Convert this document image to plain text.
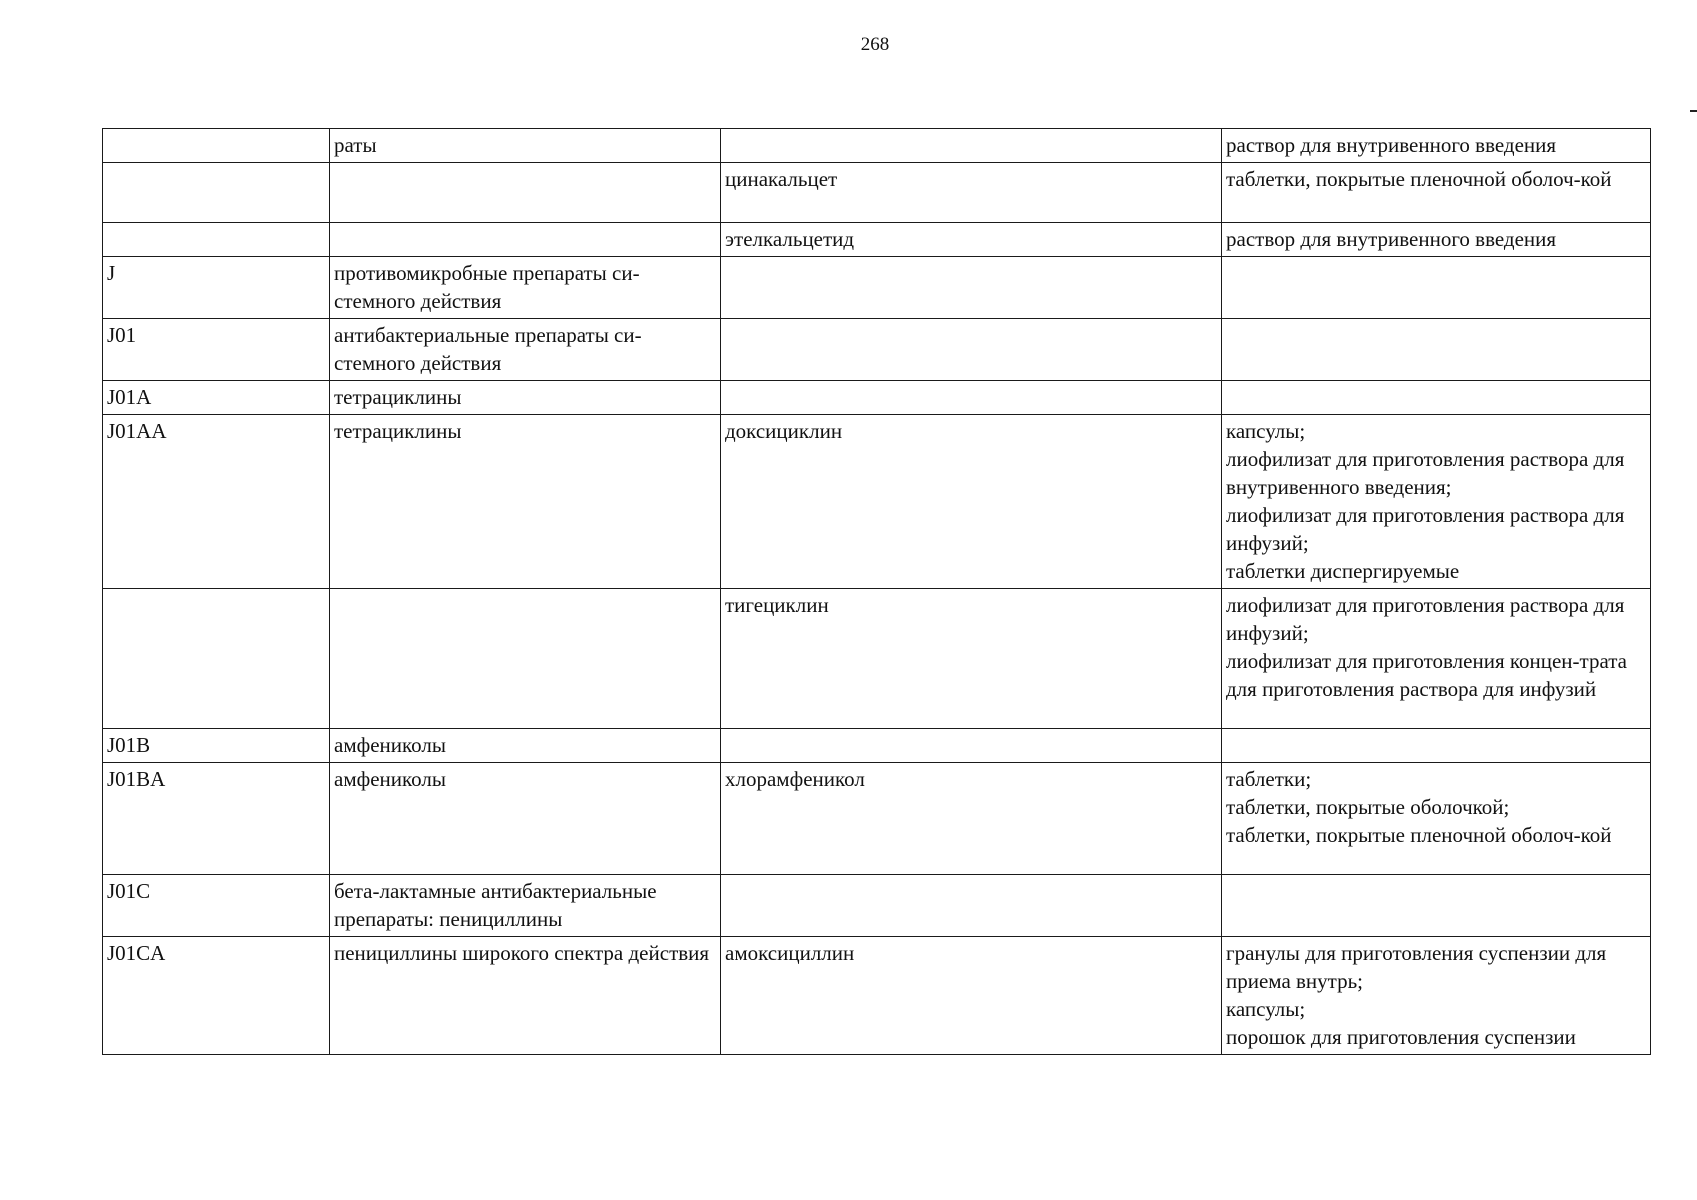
268
	раты		раствор для внутривенного введения

		цинакальцет	таблетки, покрытые пленочной оболоч-кой

		этелкальцетид	раствор для внутривенного введения

J	противомикробные препараты си-стемного действия		
J01	антибактериальные препараты си-стемного действия		
J01A	тетрациклины		
J01AA	тетрациклины	доксициклин	капсулы;
лиофилизат для приготовления раствора для внутривенного введения;
лиофилизат для приготовления раствора для инфузий;
таблетки диспергируемые

		тигециклин	лиофилизат для приготовления раствора для инфузий;
лиофилизат для приготовления концен-трата для приготовления раствора для инфузий

J01B	амфениколы		
J01BA	амфениколы	хлорамфеникол	таблетки;
таблетки, покрытые оболочкой;
таблетки, покрытые пленочной оболоч-кой

J01C	бета-лактамные антибактериальные препараты: пенициллины		
J01CA	пенициллины широкого спектра действия	амоксициллин	гранулы для приготовления суспензии для приема внутрь;
капсулы;
порошок для приготовления суспензии
